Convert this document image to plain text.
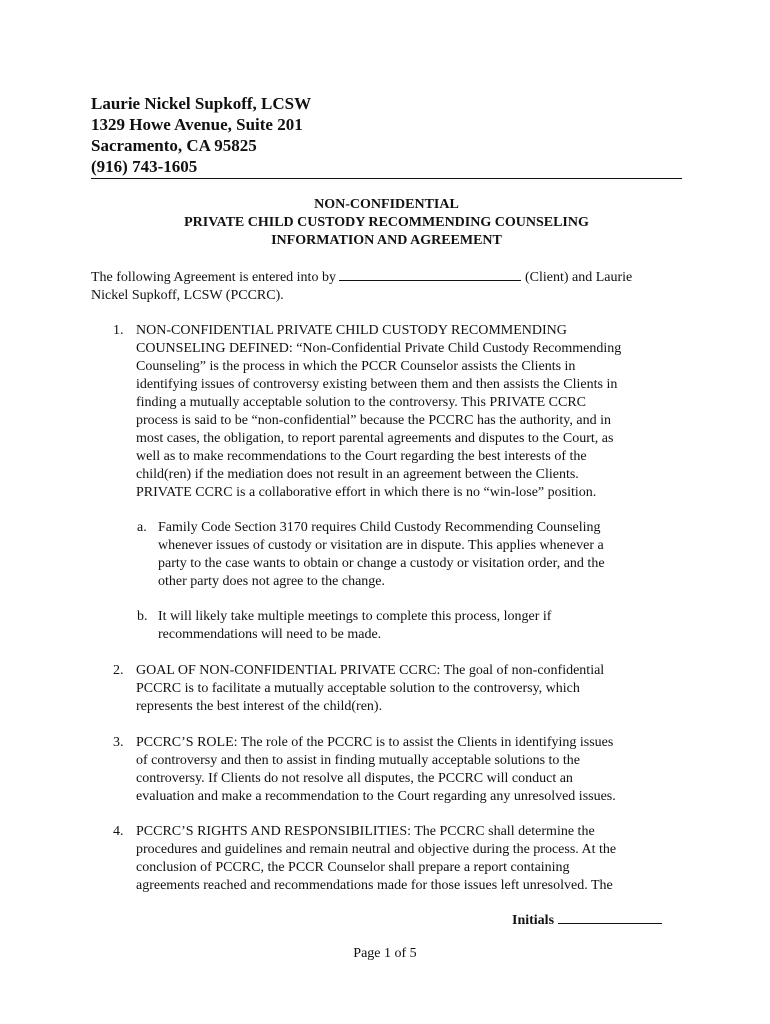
Laurie Nickel Supkoff, LCSW
1329 Howe Avenue, Suite 201
Sacramento, CA 95825
(916) 743-1605
NON-CONFIDENTIAL
PRIVATE CHILD CUSTODY RECOMMENDING COUNSELING
INFORMATION AND AGREEMENT
The following Agreement is entered into by	(Client) and Laurie
Nickel Supkoff, LCSW (PCCRC).
1. NON-CONFIDENTIAL PRIVATE CHILD CUSTODY RECOMMENDING
COUNSELING DEFINED: “Non-Confidential Private Child Custody Recommending
Counseling” is the process in which the PCCR Counselor assists the Clients in
identifying issues of controversy existing between them and then assists the Clients in
finding a mutually acceptable solution to the controversy. This PRIVATE CCRC
process is said to be “non-confidential” because the PCCRC has the authority, and in
most cases, the obligation, to report parental agreements and disputes to the Court, as
well as to make recommendations to the Court regarding the best interests of the
child(ren) if the mediation does not result in an agreement between the Clients.
PRIVATE CCRC is a collaborative effort in which there is no “win-lose” position.
a. Family Code Section 3170 requires Child Custody Recommending Counseling
whenever issues of custody or visitation are in dispute. This applies whenever a
party to the case wants to obtain or change a custody or visitation order, and the
other party does not agree to the change.
b. It will likely take multiple meetings to complete this process, longer if
recommendations will need to be made.
2. GOAL OF NON-CONFIDENTIAL PRIVATE CCRC: The goal of non-confidential
PCCRC is to facilitate a mutually acceptable solution to the controversy, which
represents the best interest of the child(ren).
3. PCCRC’S ROLE: The role of the PCCRC is to assist the Clients in identifying issues
of controversy and then to assist in finding mutually acceptable solutions to the
controversy. If Clients do not resolve all disputes, the PCCRC will conduct an
evaluation and make a recommendation to the Court regarding any unresolved issues.
4. PCCRC’S RIGHTS AND RESPONSIBILITIES: The PCCRC shall determine the
procedures and guidelines and remain neutral and objective during the process. At the
conclusion of PCCRC, the PCCR Counselor shall prepare a report containing
agreements reached and recommendations made for those issues left unresolved. The
Initials
Page 1 of 5
